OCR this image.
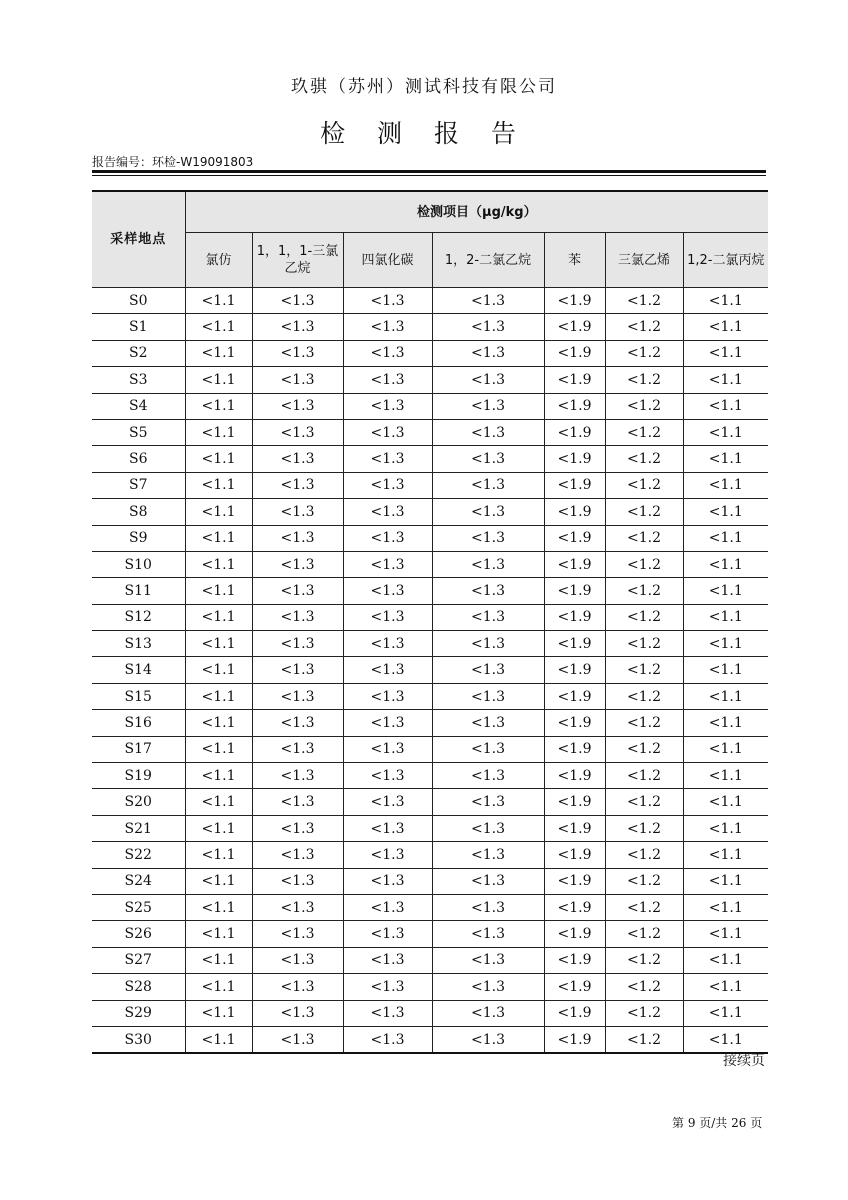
玖骐（苏州）测试科技有限公司
检 测 报 告
报告编号：环检-W19091803
采样地点	检测项目（μg/kg）						
	氯仿	1，1，1-三氯乙烷	四氯化碳	1，2-二氯乙烷	苯	三氯乙烯	1,2-二氯丙烷
S0	<1.1	<1.3	<1.3	<1.3	<1.9	<1.2	<1.1
S1	<1.1	<1.3	<1.3	<1.3	<1.9	<1.2	<1.1
S2	<1.1	<1.3	<1.3	<1.3	<1.9	<1.2	<1.1
S3	<1.1	<1.3	<1.3	<1.3	<1.9	<1.2	<1.1
S4	<1.1	<1.3	<1.3	<1.3	<1.9	<1.2	<1.1
S5	<1.1	<1.3	<1.3	<1.3	<1.9	<1.2	<1.1
S6	<1.1	<1.3	<1.3	<1.3	<1.9	<1.2	<1.1
S7	<1.1	<1.3	<1.3	<1.3	<1.9	<1.2	<1.1
S8	<1.1	<1.3	<1.3	<1.3	<1.9	<1.2	<1.1
S9	<1.1	<1.3	<1.3	<1.3	<1.9	<1.2	<1.1
S10	<1.1	<1.3	<1.3	<1.3	<1.9	<1.2	<1.1
S11	<1.1	<1.3	<1.3	<1.3	<1.9	<1.2	<1.1
S12	<1.1	<1.3	<1.3	<1.3	<1.9	<1.2	<1.1
S13	<1.1	<1.3	<1.3	<1.3	<1.9	<1.2	<1.1
S14	<1.1	<1.3	<1.3	<1.3	<1.9	<1.2	<1.1
S15	<1.1	<1.3	<1.3	<1.3	<1.9	<1.2	<1.1
S16	<1.1	<1.3	<1.3	<1.3	<1.9	<1.2	<1.1
S17	<1.1	<1.3	<1.3	<1.3	<1.9	<1.2	<1.1
S19	<1.1	<1.3	<1.3	<1.3	<1.9	<1.2	<1.1
S20	<1.1	<1.3	<1.3	<1.3	<1.9	<1.2	<1.1
S21	<1.1	<1.3	<1.3	<1.3	<1.9	<1.2	<1.1
S22	<1.1	<1.3	<1.3	<1.3	<1.9	<1.2	<1.1
S24	<1.1	<1.3	<1.3	<1.3	<1.9	<1.2	<1.1
S25	<1.1	<1.3	<1.3	<1.3	<1.9	<1.2	<1.1
S26	<1.1	<1.3	<1.3	<1.3	<1.9	<1.2	<1.1
S27	<1.1	<1.3	<1.3	<1.3	<1.9	<1.2	<1.1
S28	<1.1	<1.3	<1.3	<1.3	<1.9	<1.2	<1.1
S29	<1.1	<1.3	<1.3	<1.3	<1.9	<1.2	<1.1
S30	<1.1	<1.3	<1.3	<1.3	<1.9	<1.2	<1.1
接续页
第 9 页/共 26 页
